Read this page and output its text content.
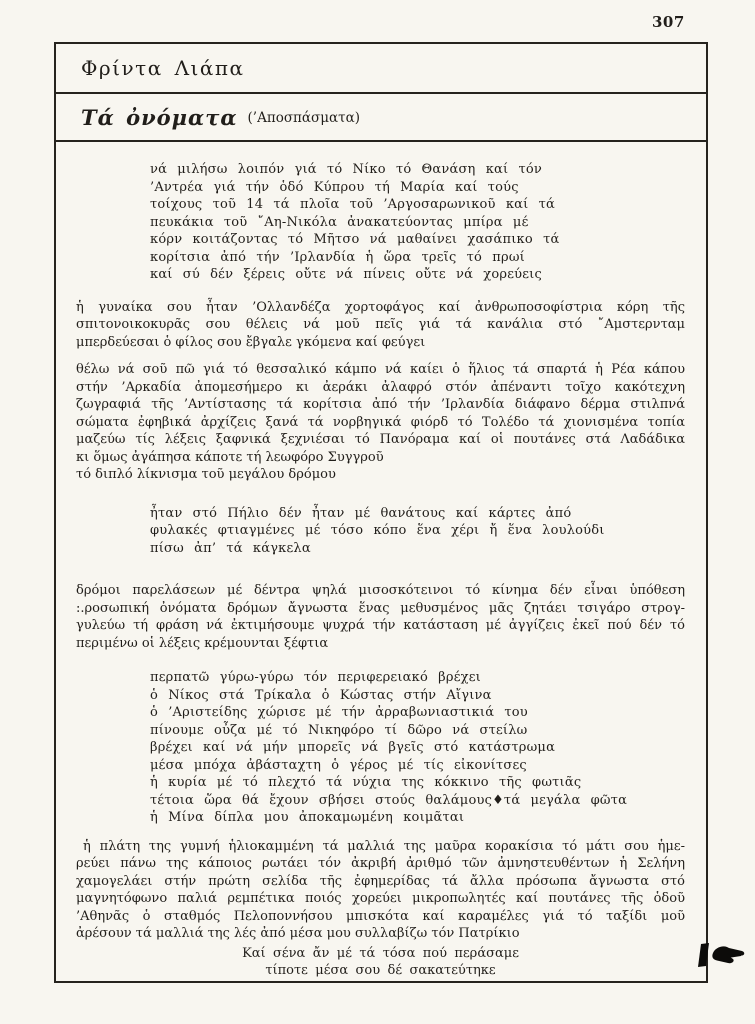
307
Φρίντα Λιάπα
Τά ὀνόματα (’Αποσπάσματα)
νά μιλήσω λοιπόν γιά τό Νίκο τό Θανάση καί τόν
’Αντρέα γιά τήν ὁδό Κύπρου τή Μαρία καί τούς
τοίχους τοῦ 14 τά πλοῖα τοῦ ’Αργοσαρωνικοῦ καί τά
πευκάκια τοῦ ῎Αη-Νικόλα ἀνακατεύοντας μπίρα μέ
κόρν κοιτάζοντας τό Μῆτσο νά μαθαίνει χασάπικο τά
κορίτσια ἀπό τήν ’Ιρλανδία ἡ ὥρα τρεῖς τό πρωί
καί σύ δέν ξέρεις οὔτε νά πίνεις οὔτε νά χορεύεις
ἡ γυναίκα σου ἦταν ’Ολλανδέζα χορτοφάγος καί ἀνθρωποσοφίστρια κόρη τῆς
σπιτονοικοκυρᾶς σου θέλεις νά μοῦ πεῖς γιά τά κανάλια στό ῎Αμστερνταμ
μπερδεύεσαι ὁ φίλος σου ἔβγαλε γκόμενα καί φεύγει
θέλω νά σοῦ πῶ γιά τό θεσσαλικό κάμπο νά καίει ὁ ἥλιος τά σπαρτά ἡ Ρέα κάπου
στήν ’Αρκαδία ἀπομεσήμερο κι ἀεράκι ἀλαφρό στόν ἀπέναντι τοῖχο κακότεχνη
ζωγραφιά τῆς ’Αντίστασης τά κορίτσια ἀπό τήν ’Ιρλανδία διάφανο δέρμα στιλπνά
σώματα ἐφηβικά ἀρχίζεις ξανά τά νορβηγικά φιόρδ τό Τολέδο τά χιονισμένα τοπία
μαζεύω τίς λέξεις ξαφνικά ξεχνιέσαι τό Πανόραμα καί οἱ πουτάνες στά Λαδάδικα
κι ὅμως ἀγάπησα κάποτε τή λεωφόρο Συγγροῦ
τό διπλό λίκνισμα τοῦ μεγάλου δρόμου
ἦταν στό Πήλιο δέν ἦταν μέ θανάτους καί κάρτες ἀπό
φυλακές φτιαγμένες μέ τόσο κόπο ἕνα χέρι ἤ ἕνα λουλούδι
πίσω ἀπ’ τά κάγκελα
δρόμοι παρελάσεων μέ δέντρα ψηλά μισοσκότεινοι τό κίνημα δέν εἶναι ὑπόθεση
:.ροσωπική ὀνόματα δρόμων ἄγνωστα ἕνας μεθυσμένος μᾶς ζητάει τσιγάρο στρογ-
γυλεύω τή φράση νά ἐκτιμήσουμε ψυχρά τήν κατάσταση μέ ἀγγίζεις ἐκεῖ πού δέν τό
περιμένω οἱ λέξεις κρέμουνται ξέφτια
περπατῶ γύρω-γύρω τόν περιφερειακό βρέχει
ὁ Νίκος στά Τρίκαλα ὁ Κώστας στήν Αἴγινα
ὁ ’Αριστείδης χώρισε μέ τήν ἀρραβωνιαστικιά του
πίνουμε οὖζα μέ τό Νικηφόρο τί δῶρο νά στείλω
βρέχει καί νά μήν μπορεῖς νά βγεῖς στό κατάστρωμα
μέσα μπόχα ἀβάσταχτη ὁ γέρος μέ τίς εἰκονίτσες
ἡ κυρία μέ τό πλεχτό τά νύχια της κόκκινο τῆς φωτιᾶς
τέτοια ὥρα θά ἔχουν σβήσει στούς θαλάμους♦τά μεγάλα φῶτα
ἡ Μίνα δίπλα μου ἀποκαμωμένη κοιμᾶται
ἡ πλάτη της γυμνή ἡλιοκαμμένη τά μαλλιά της μαῦρα κορακίσια τό μάτι σου ἡμε-
ρεύει πάνω της κάποιος ρωτάει τόν ἀκριβή ἀριθμό τῶν ἀμνηστευθέντων ἡ Σελήνη
χαμογελάει στήν πρώτη σελίδα τῆς ἐφημερίδας τά ἄλλα πρόσωπα ἄγνωστα στό
μαγνητόφωνο παλιά ρεμπέτικα ποιός χορεύει μικροπωλητές καί πουτάνες τῆς ὁδοῦ
’Αθηνᾶς ὁ σταθμός Πελοποννήσου μπισκότα καί καραμέλες γιά τό ταξίδι μοῦ
ἀρέσουν τά μαλλιά της λές ἀπό μέσα μου συλλαβίζω τόν Πατρίκιο
Καί σένα ἄν μέ τά τόσα πού περάσαμε
τίποτε μέσα σου δέ σακατεύτηκε
